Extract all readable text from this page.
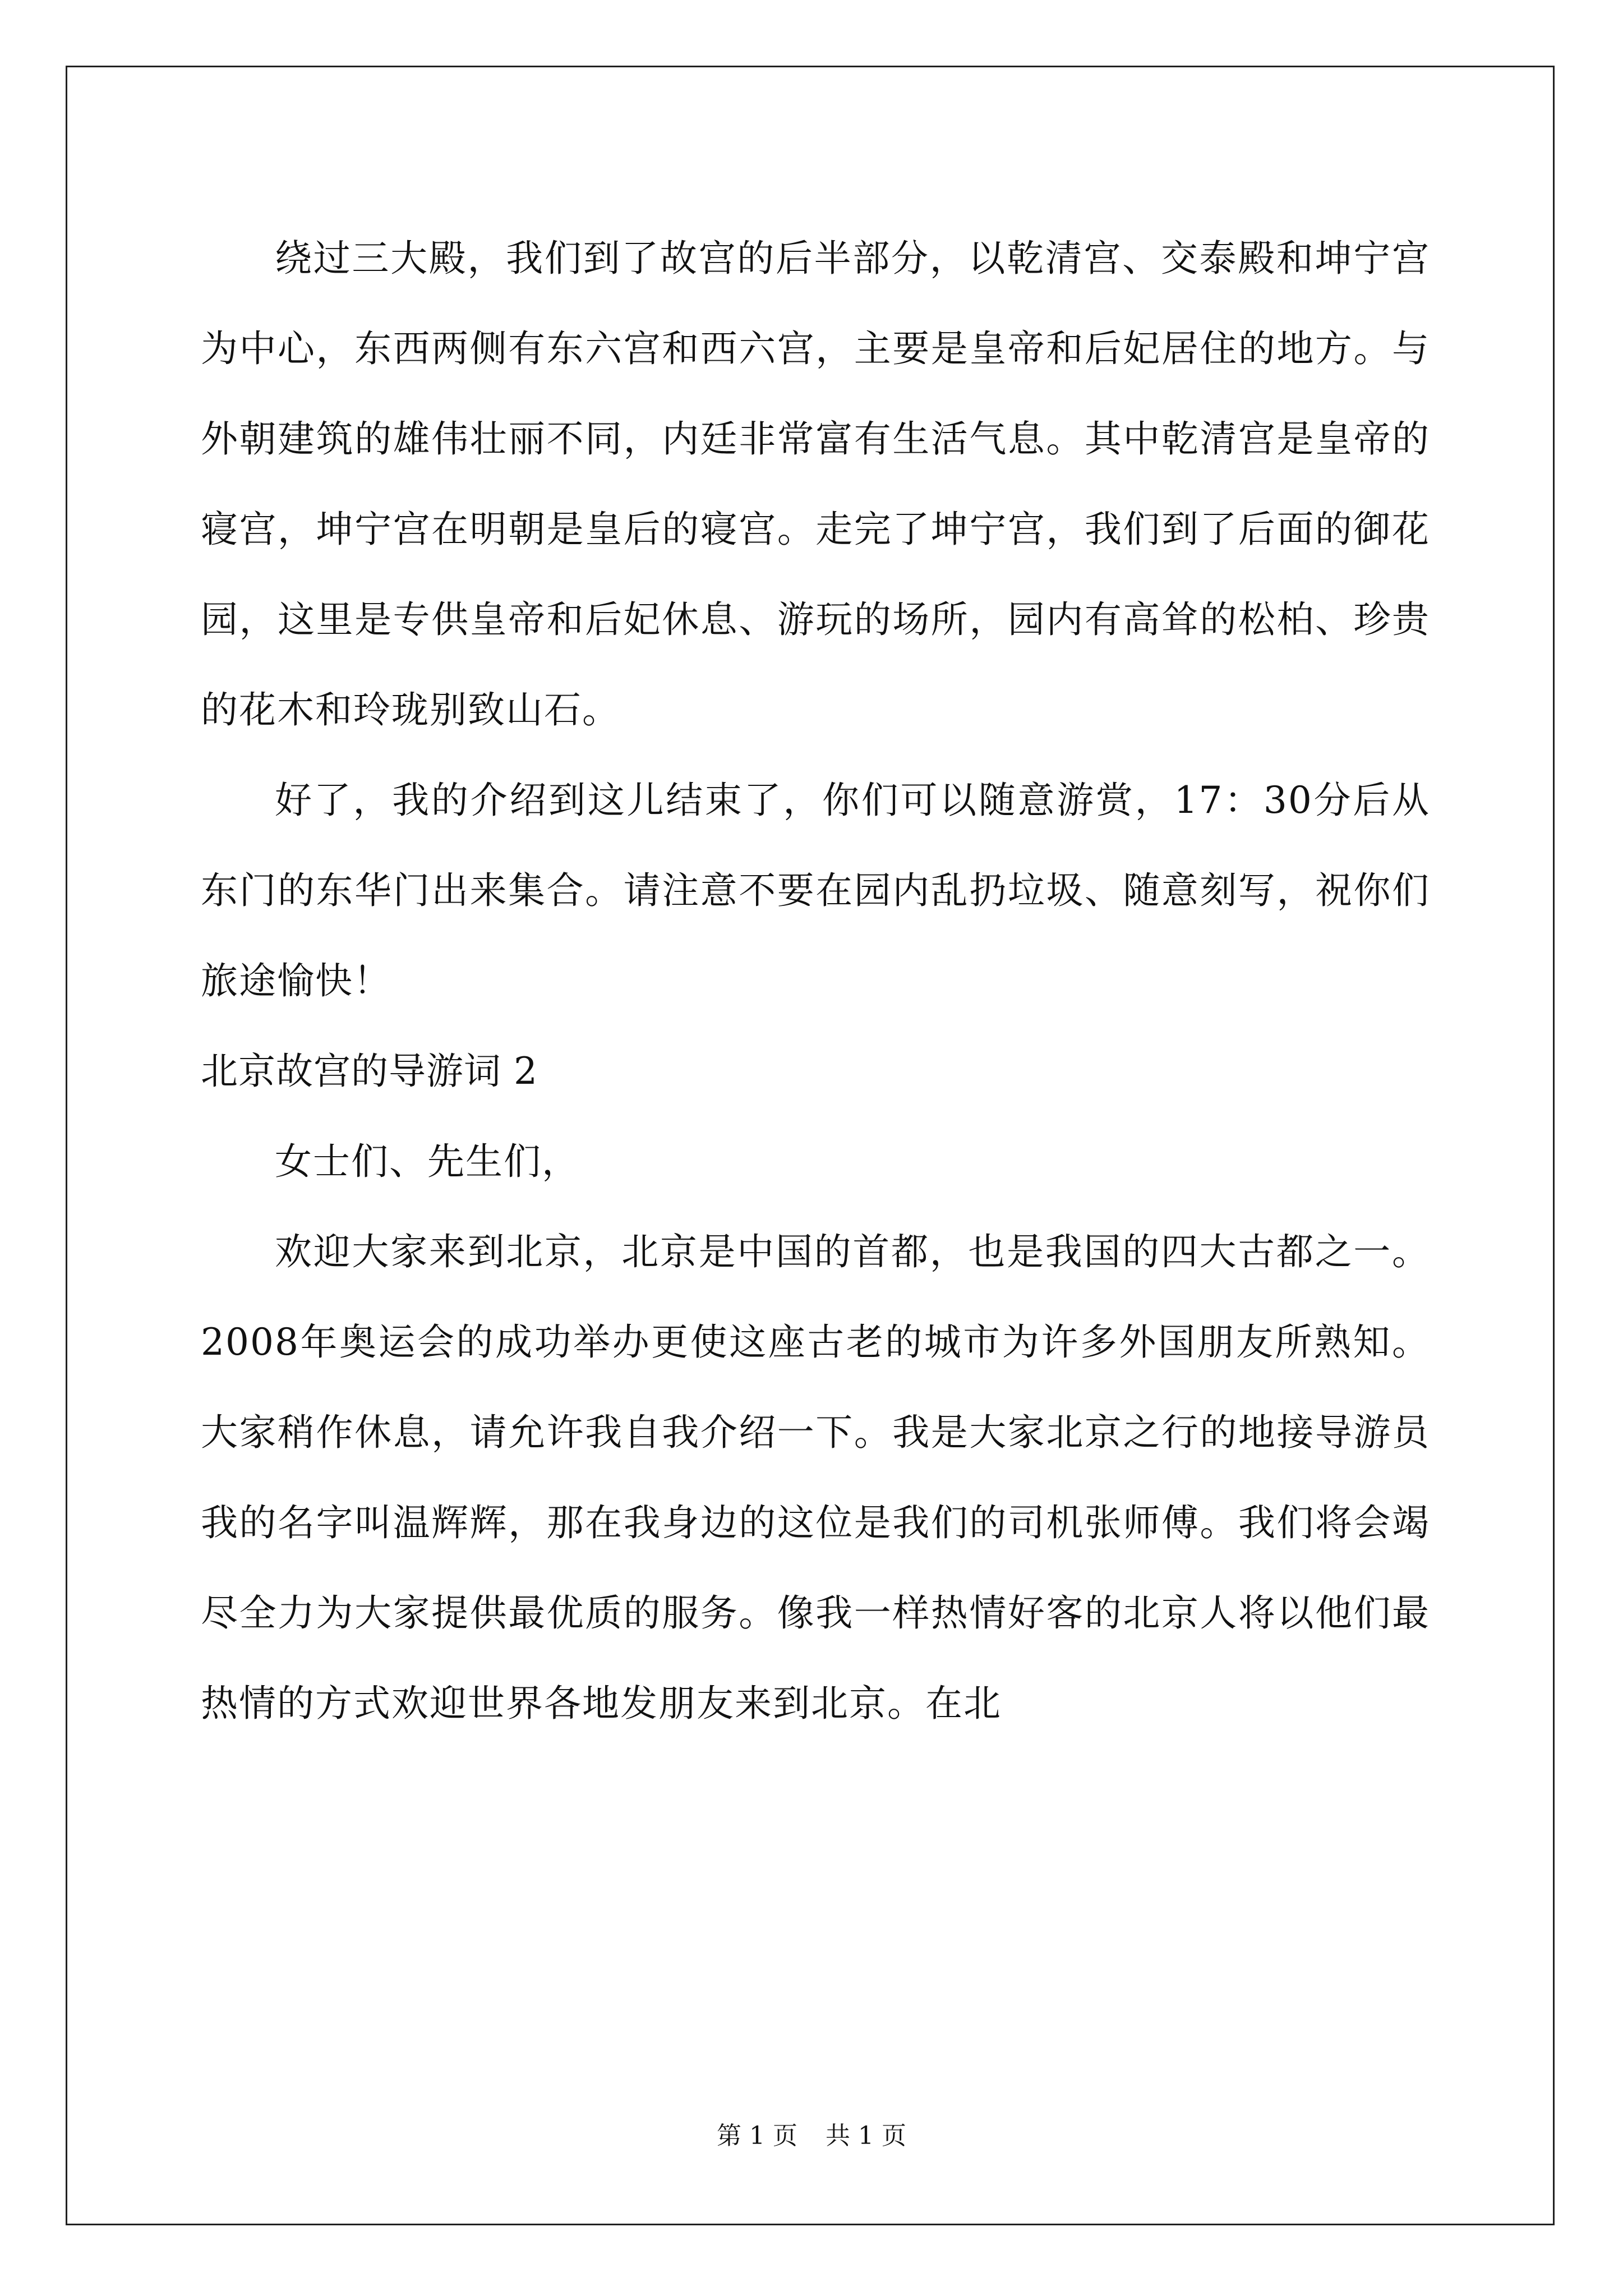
绕过三大殿，我们到了故宫的后半部分，以乾清宫、交泰殿和坤宁宫为中心，东西两侧有东六宫和西六宫，主要是皇帝和后妃居住的地方。与外朝建筑的雄伟壮丽不同，内廷非常富有生活气息。其中乾清宫是皇帝的寝宫，坤宁宫在明朝是皇后的寝宫。走完了坤宁宫，我们到了后面的御花园，这里是专供皇帝和后妃休息、游玩的场所，园内有高耸的松柏、珍贵的花木和玲珑别致山石。

好了，我的介绍到这儿结束了，你们可以随意游赏，17：30分后从东门的东华门出来集合。请注意不要在园内乱扔垃圾、随意刻写，祝你们旅途愉快！

北京故宫的导游词 2

女士们、先生们，

欢迎大家来到北京，北京是中国的首都，也是我国的四大古都之一。2008年奥运会的成功举办更使这座古老的城市为许多外国朋友所熟知。大家稍作休息，请允许我自我介绍一下。我是大家北京之行的地接导游员我的名字叫温辉辉，那在我身边的这位是我们的司机张师傅。我们将会竭尽全力为大家提供最优质的服务。像我一样热情好客的北京人将以他们最热情的方式欢迎世界各地发朋友来到北京。在北

第 1 页 共 1 页
